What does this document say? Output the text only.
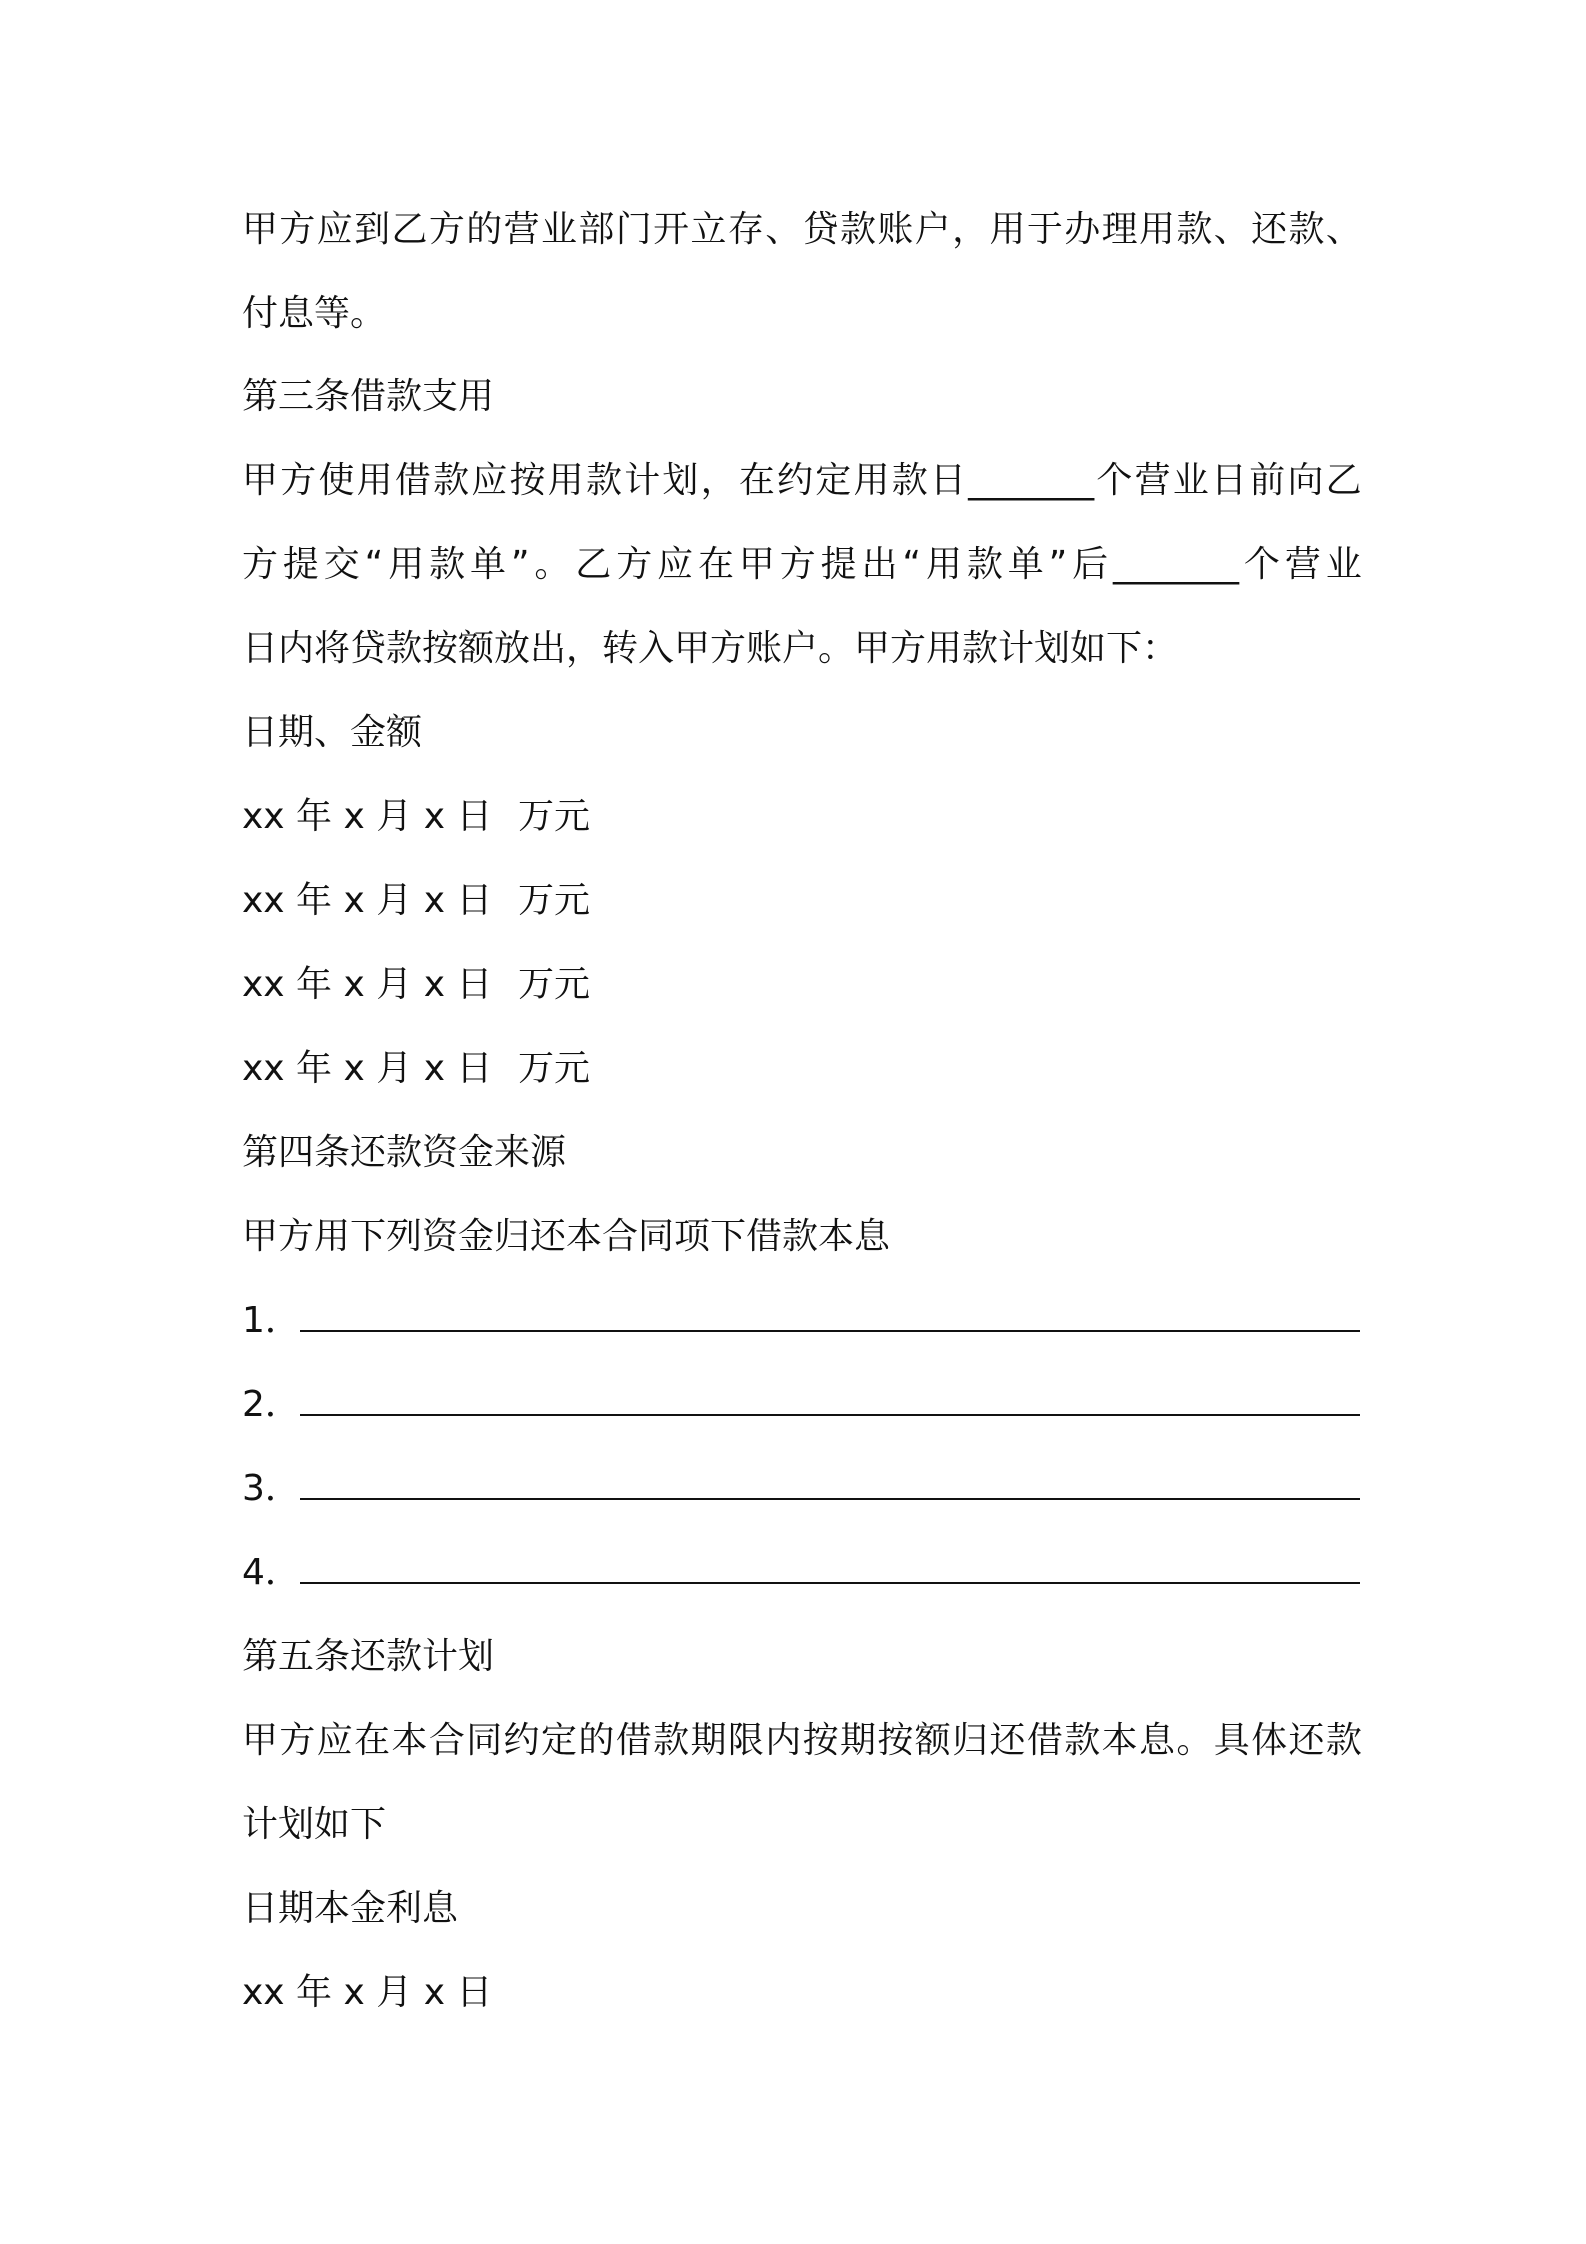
甲 方 应 到 乙 方 的 营 业 部 门 开 立 存 、 贷 款 账 户 ， 用 于 办 理 用 款 、 还 款 、
付息等。
第三条借款支用
甲 方 使 用 借 款 应 按 用 款 计 划 ， 在 约 定 用 款 日 _______ 个 营 业 日 前 向 乙
方 提 交 “ 用 款 单 ” 。 乙 方 应 在 甲 方 提 出 “ 用 款 单 ” 后 _______ 个 营 业
日内将贷款按额放出，转入甲方账户。甲方用款计划如下：
日期、金额
xx 年 x 月 x 日 万元
xx 年 x 月 x 日 万元
xx 年 x 月 x 日 万元
xx 年 x 月 x 日 万元
第四条还款资金来源
甲方用下列资金归还本合同项下借款本息
1．
2．
3．
4．
第五条还款计划
甲 方 应 在 本 合 同 约 定 的 借 款 期 限 内 按 期 按 额 归 还 借 款 本 息 。 具 体 还 款
计划如下
日期本金利息
xx 年 x 月 x 日
